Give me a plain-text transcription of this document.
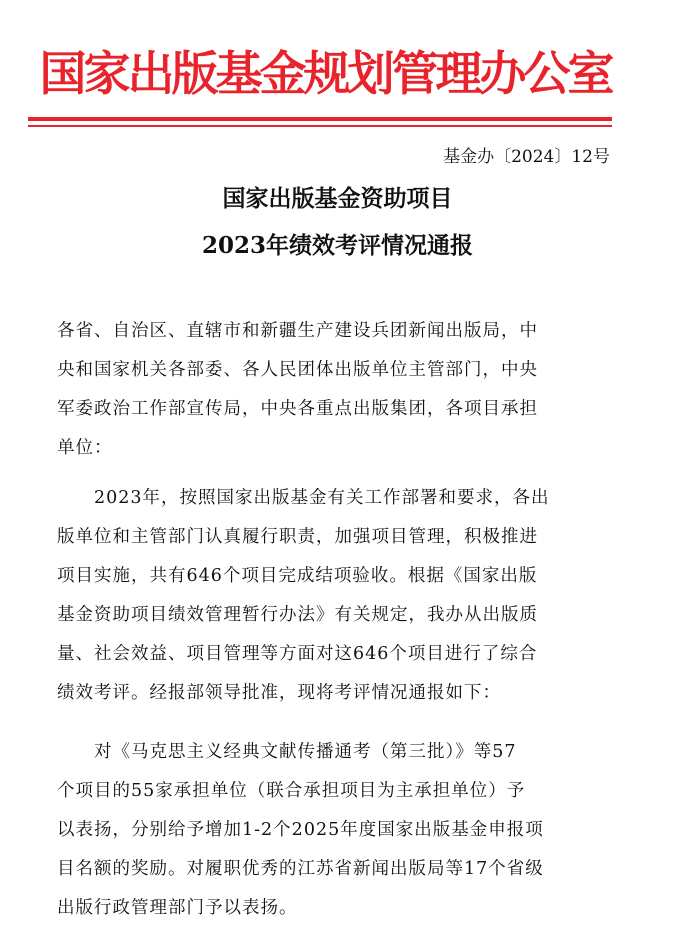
国家出版基金规划管理办公室
基金办〔2024〕12号
国家出版基金资助项目
2023年绩效考评情况通报
各省、自治区、直辖市和新疆生产建设兵团新闻出版局，中
央和国家机关各部委、各人民团体出版单位主管部门，中央
军委政治工作部宣传局，中央各重点出版集团，各项目承担
单位：
　　2023年，按照国家出版基金有关工作部署和要求，各出
版单位和主管部门认真履行职责，加强项目管理，积极推进
项目实施，共有646个项目完成结项验收。根据《国家出版
基金资助项目绩效管理暂行办法》有关规定，我办从出版质
量、社会效益、项目管理等方面对这646个项目进行了综合
绩效考评。经报部领导批准，现将考评情况通报如下：
　　对《马克思主义经典文献传播通考（第三批）》等57
个项目的55家承担单位（联合承担项目为主承担单位）予
以表扬，分别给予增加1-2个2025年度国家出版基金申报项
目名额的奖励。对履职优秀的江苏省新闻出版局等17个省级
出版行政管理部门予以表扬。
